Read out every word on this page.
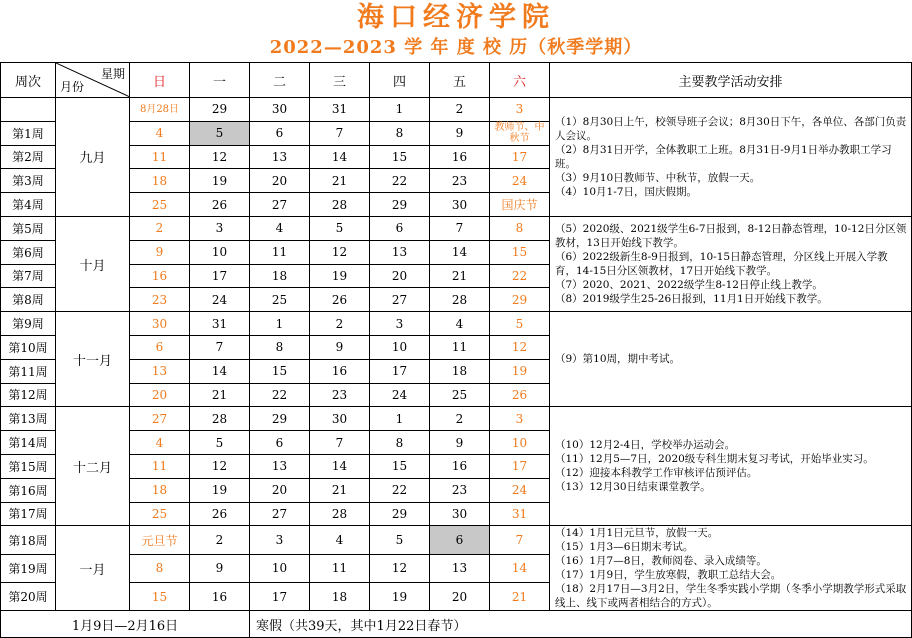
海口经济学院
2022—2023 学 年 度 校 历（秋季学期）
周次	星期
月份	日	一	二	三	四	五	六	主要教学活动安排
	九月	8月28日	29	30	31	1	2	3	（1）8月30日上午，校领导班子会议；8月30日下午，各单位、各部门负责人会议。
（2）8月31日开学，全体教职工上班。8月31日-9月1日举办教职工学习班。
（3）9月10日教师节、中秋节，放假一天。
（4）10月1-7日，国庆假期。

第1周		4	5	6	7	8	9	教师节、中秋节	
第2周		11	12	13	14	15	16	17	
第3周		18	19	20	21	22	23	24	
第4周		25	26	27	28	29	30	国庆节	
第5周	十月	2	3	4	5	6	7	8	（5）2020级、2021级学生6-7日报到，8-12日静态管理，10-12日分区领教材，13日开始线下教学。
（6）2022级新生8-9日报到，10-15日静态管理，分区线上开展入学教育，14-15日分区领教材，17日开始线下教学。
（7）2020、2021、2022级学生8-12日停止线上教学。
（8）2019级学生25-26日报到，11月1日开始线下教学。

第6周		9	10	11	12	13	14	15	
第7周		16	17	18	19	20	21	22	
第8周		23	24	25	26	27	28	29	
第9周	十一月	30	31	1	2	3	4	5	（9）第10周，期中考试。

第10周		6	7	8	9	10	11	12	
第11周		13	14	15	16	17	18	19	
第12周		20	21	22	23	24	25	26	
第13周	十二月	27	28	29	30	1	2	3	（10）12月2-4日，学校举办运动会。
（11）12月5—7日，2020级专科生期末复习考试，开始毕业实习。
（12）迎接本科教学工作审核评估预评估。
（13）12月30日结束课堂教学。

第14周		4	5	6	7	8	9	10	
第15周		11	12	13	14	15	16	17	
第16周		18	19	20	21	22	23	24	
第17周		25	26	27	28	29	30	31	
第18周	一月	元旦节	2	3	4	5	6	7	（14）1月1日元旦节，放假一天。
（15）1月3—6日期末考试。
（16）1月7—8日，教师阅卷、录入成绩等。
（17）1月9日，学生放寒假，教职工总结大会。
（18）2月17日—3月2日，学生冬季实践小学期（冬季小学期教学形式采取线上、线下或两者相结合的方式）。

第19周		8	9	10	11	12	13	14	
第20周		15	16	17	18	19	20	21	
1月9日—2月16日				寒假（共39天，其中1月22日春节）					
